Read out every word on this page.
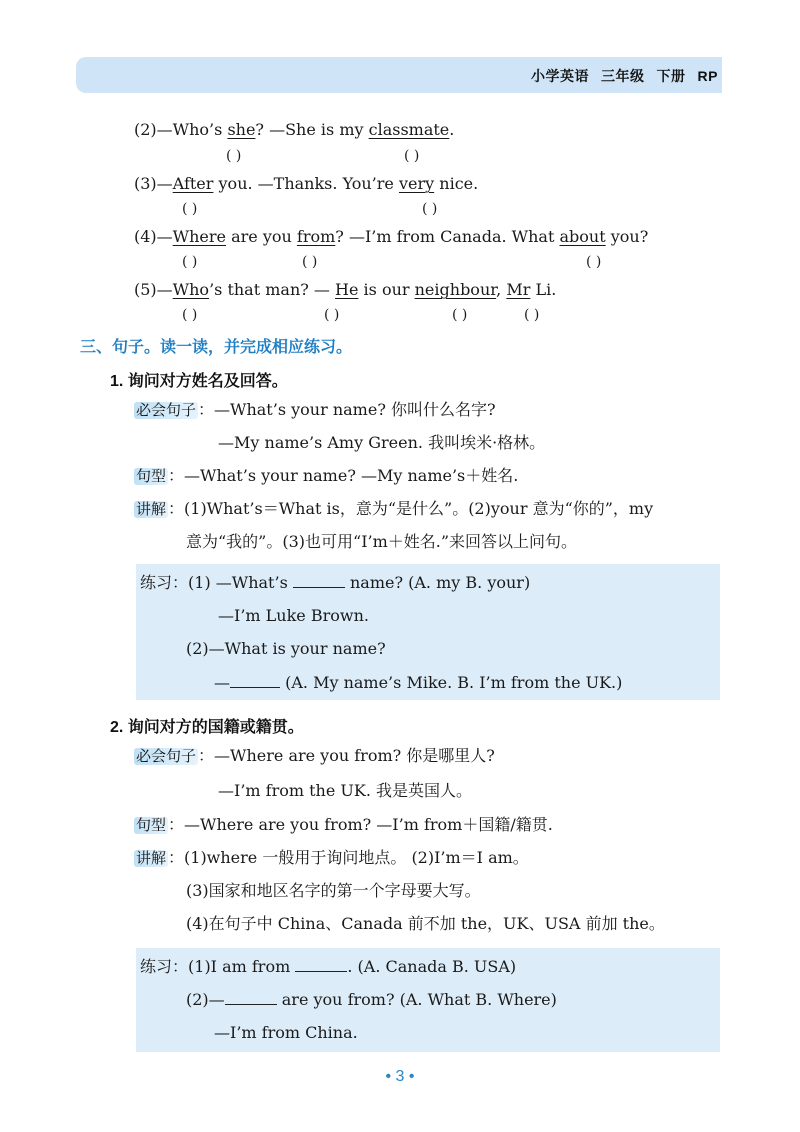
小学英语 三年级 下册 RP
(2)—Who’s she? —She is my classmate.
( )	( )
(3)—After you. —Thanks. You’re very nice.
( )	( )
(4)—Where are you from? —I’m from Canada. What about you?
( )	( )	( )
(5)—Who’s that man? — He is our neighbour, Mr Li.
( )	( )	( )	( )
三、句子。读一读，并完成相应练习。
1. 询问对方姓名及回答。
必会句子 ：—What’s your name? 你叫什么名字?
—My name’s Amy Green. 我叫埃米·格林。
句型 ：—What’s your name? —My name’s＋姓名.
讲解 ：(1)What’s＝What is，意为“是什么”。(2)your 意为“你的”，my
意为“我的”。(3)也可用“I’m＋姓名.”来回答以上问句。
练习：(1) —What’s	name? (A. my B. your)
—I’m Luke Brown.
(2)—What is your name?
—	(A. My name’s Mike. B. I’m from the UK.)
2. 询问对方的国籍或籍贯。
必会句子 ：—Where are you from? 你是哪里人?
—I’m from the UK. 我是英国人。
句型 ：—Where are you from? —I’m from＋国籍/籍贯.
讲解 ：(1)where 一般用于询问地点。 (2)I’m＝I am。
(3)国家和地区名字的第一个字母要大写。
(4)在句子中 China、Canada 前不加 the，UK、USA 前加 the。
练习：(1)I am from	. (A. Canada B. USA)
(2)—	are you from? (A. What B. Where)
—I’m from China.
• 3 •
